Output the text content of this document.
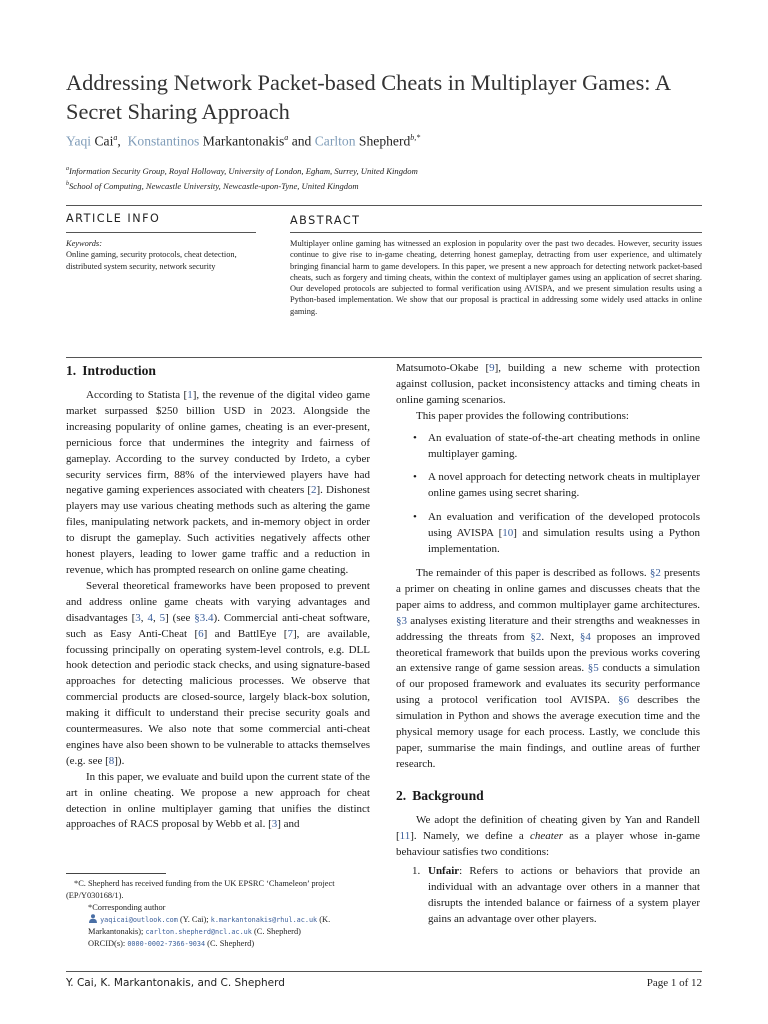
Addressing Network Packet-based Cheats in Multiplayer Games: A Secret Sharing Approach
Yaqi Cai$^a$, Konstantinos Markantonakis$^a$ and Carlton Shepherd$^{b,*}$
$^a$Information Security Group, Royal Holloway, University of London, Egham, Surrey, United Kingdom
$^b$School of Computing, Newcastle University, Newcastle-upon-Tyne, United Kingdom
ARTICLE INFO	ABSTRACT
Keywords:
Online gaming, security protocols, cheat detection, distributed system security, network security

Multiplayer online gaming has witnessed an explosion in popularity over the past two decades. However, security issues continue to give rise to in-game cheating, deterring honest gameplay, detracting from user experience, and ultimately bringing financial harm to game developers. In this paper, we present a new approach for detecting network packet-based cheats, such as forgery and timing cheats, within the context of multiplayer games using an application of secret sharing. Our developed protocols are subjected to formal verification using AVISPA, and we present simulation results using a Python-based implementation. We show that our proposal is practical in addressing some widely used attacks in online gaming.

1. Introduction

According to Statista [1], the revenue of the digital video game market surpassed $250 billion USD in 2023. Alongside the increasing popularity of online games, cheating is an ever-present, pernicious force that undermines the integrity and fairness of gameplay. According to the survey conducted by Irdeto, a cyber security services firm, 88% of the interviewed players have had negative gaming experiences associated with cheaters [2]. Dishonest players may use various cheating methods such as altering the game files, manipulating network packets, and in-memory object in order to disrupt the gameplay. Such activities negatively affects other honest players, leading to lower game traffic and a reduction in revenue, which has prompted research on online game cheating.

Several theoretical frameworks have been proposed to prevent and address online game cheats with varying advantages and disadvantages [3, 4, 5] (see §3.4). Commercial anti-cheat software, such as Easy Anti-Cheat [6] and BattlEye [7], are available, focussing principally on operating system-level controls, e.g. DLL hook detection and periodic stack checks, and using signature-based approaches for detecting malicious processes. We observe that commercial products are closed-source, largely black-box solution, making it difficult to understand their precise security goals and countermeasures. We also note that some commercial anti-cheat engines have also been shown to be vulnerable to attacks themselves (e.g. see [8]).

In this paper, we evaluate and build upon the current state of the art in online cheating. We propose a new approach for cheat detection in online multiplayer gaming that unifies the distinct approaches of RACS proposal by Webb et al. [3] and

Matsumoto-Okabe [9], building a new scheme with protection against collusion, packet inconsistency attacks and timing cheats in online gaming scenarios.

This paper provides the following contributions:

• An evaluation of state-of-the-art cheating methods in online multiplayer gaming.
• A novel approach for detecting network cheats in multiplayer online games using secret sharing.
• An evaluation and verification of the developed protocols using AVISPA [10] and simulation results using a Python implementation.

The remainder of this paper is described as follows. §2 presents a primer on cheating in online games and discusses cheats that the paper aims to address, and common multiplayer game architectures. §3 analyses existing literature and their strengths and weaknesses in addressing the threats from §2. Next, §4 proposes an improved theoretical framework that builds upon the previous works covering an extensive range of game session areas. §5 conducts a simulation of our proposed framework and evaluates its security performance using a protocol verification tool AVISPA. §6 describes the simulation in Python and shows the average execution time and the physical memory usage for each process. Lastly, we conclude this paper, summarise the main findings, and outline areas of further research.

2. Background

We adopt the definition of cheating given by Yan and Randell [11]. Namely, we define a cheater as a player whose in-game behaviour satisfies two conditions:

1. Unfair: Refers to actions or behaviors that provide an individual with an advantage over others in a manner that disrupts the intended balance or fairness of a system player gains an advantage over other players.
*C. Shepherd has received funding from the UK EPSRC ‘Chameleon’ project (EP/Y030168/1).
*Corresponding author
yaqicai@outlook.com (Y. Cai); k.markantonakis@rhul.ac.uk (K. Markantonakis); carlton.shepherd@ncl.ac.uk (C. Shepherd)
ORCID(s): 0000-0002-7366-9034 (C. Shepherd)
Y. Cai, K. Markantonakis, and C. Shepherd	Page 1 of 12
